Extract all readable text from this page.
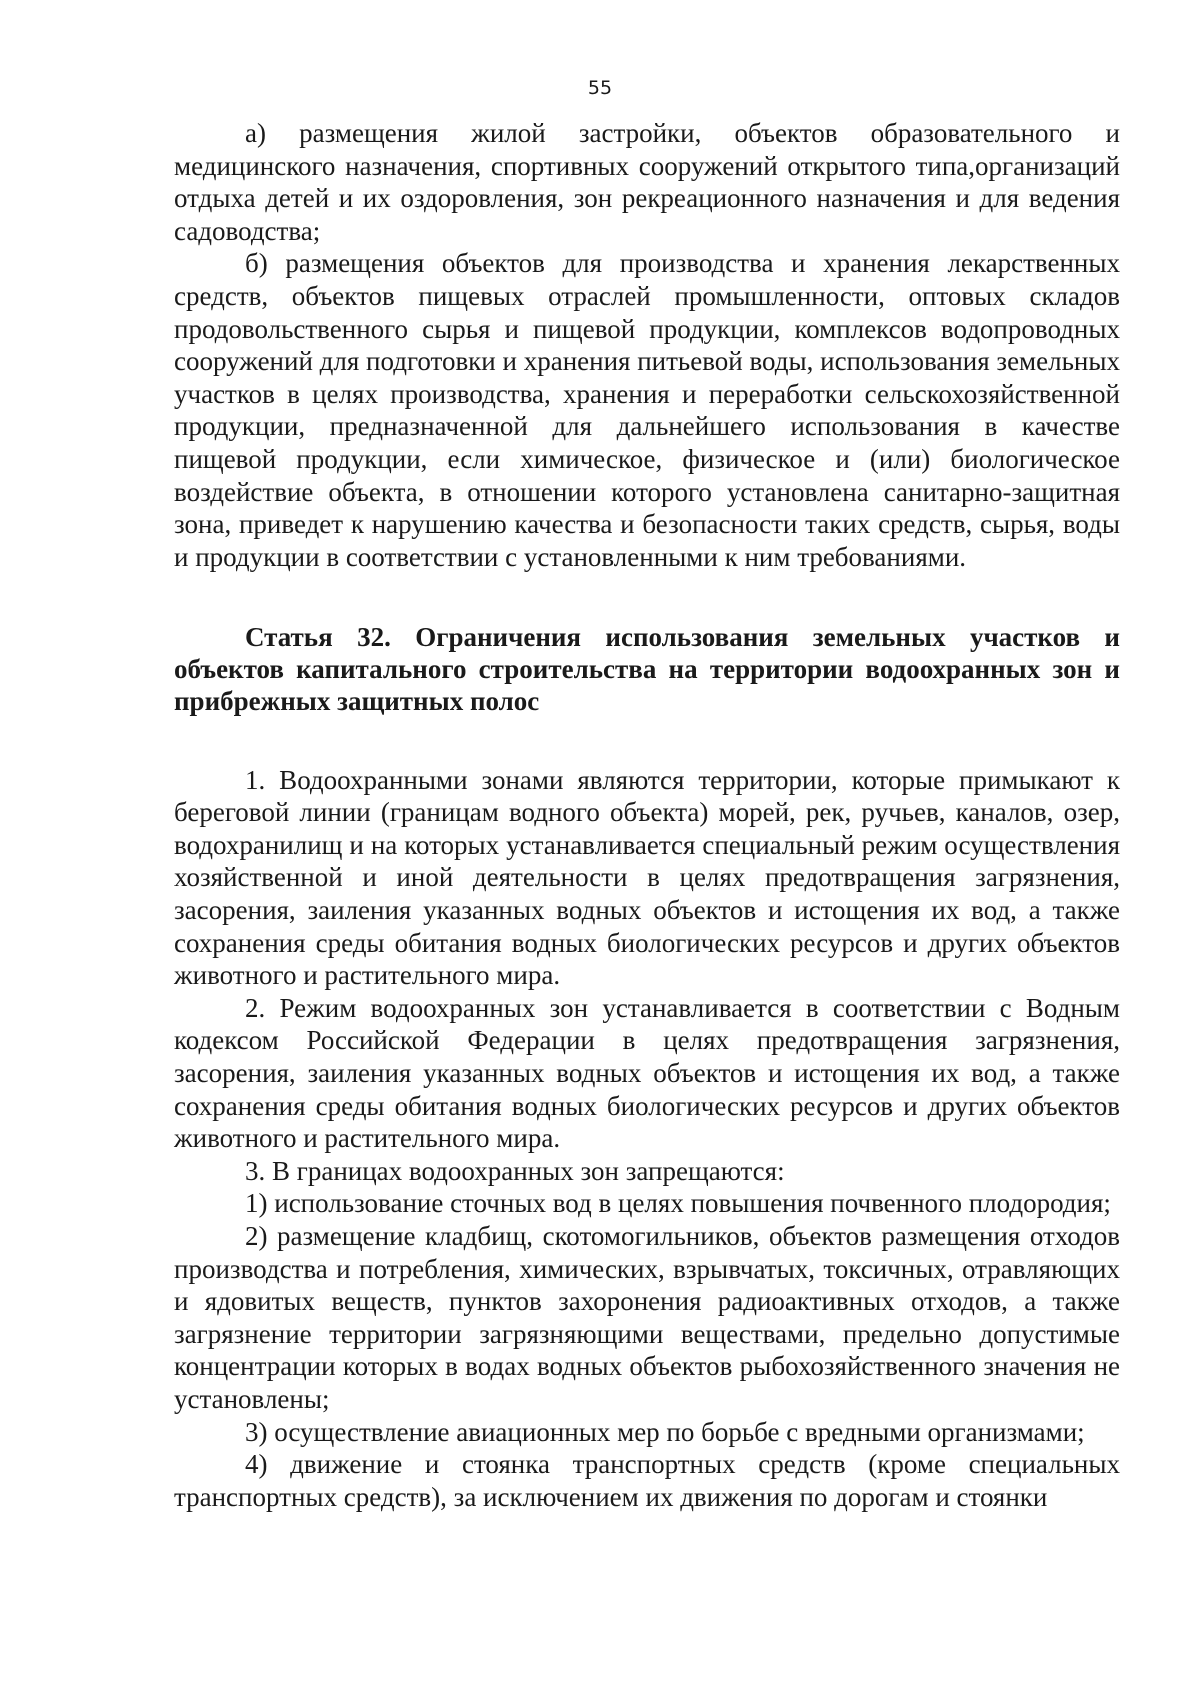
55

а) размещения жилой застройки, объектов образовательного и медицинского назначения, спортивных сооружений открытого типа,организаций отдыха детей и их оздоровления, зон рекреационного назначения и для ведения садоводства;

б) размещения объектов для производства и хранения лекарственных средств, объектов пищевых отраслей промышленности, оптовых складов продовольственного сырья и пищевой продукции, комплексов водопроводных сооружений для подготовки и хранения питьевой воды, использования земельных участков в целях производства, хранения и переработки сельскохозяйственной продукции, предназначенной для дальнейшего использования в качестве пищевой продукции, если химическое, физическое и (или) биологическое воздействие объекта, в отношении которого установлена санитарно-защитная зона, приведет к нарушению качества и безопасности таких средств, сырья, воды и продукции в соответствии с установленными к ним требованиями.

Статья 32. Ограничения использования земельных участков и объектов капитального строительства на территории водоохранных зон и прибрежных защитных полос

1. Водоохранными зонами являются территории, которые примыкают к береговой линии (границам водного объекта) морей, рек, ручьев, каналов, озер, водохранилищ и на которых устанавливается специальный режим осуществления хозяйственной и иной деятельности в целях предотвращения загрязнения, засорения, заиления указанных водных объектов и истощения их вод, а также сохранения среды обитания водных биологических ресурсов и других объектов животного и растительного мира.

2. Режим водоохранных зон устанавливается в соответствии с Водным кодексом Российской Федерации в целях предотвращения загрязнения, засорения, заиления указанных водных объектов и истощения их вод, а также сохранения среды обитания водных биологических ресурсов и других объектов животного и растительного мира.

3. В границах водоохранных зон запрещаются:

1) использование сточных вод в целях повышения почвенного плодородия;

2) размещение кладбищ, скотомогильников, объектов размещения отходов производства и потребления, химических, взрывчатых, токсичных, отравляющих и ядовитых веществ, пунктов захоронения радиоактивных отходов, а также загрязнение территории загрязняющими веществами, предельно допустимые концентрации которых в водах водных объектов рыбохозяйственного значения не установлены;

3) осуществление авиационных мер по борьбе с вредными организмами;

4) движение и стоянка транспортных средств (кроме специальных транспортных средств), за исключением их движения по дорогам и стоянки
